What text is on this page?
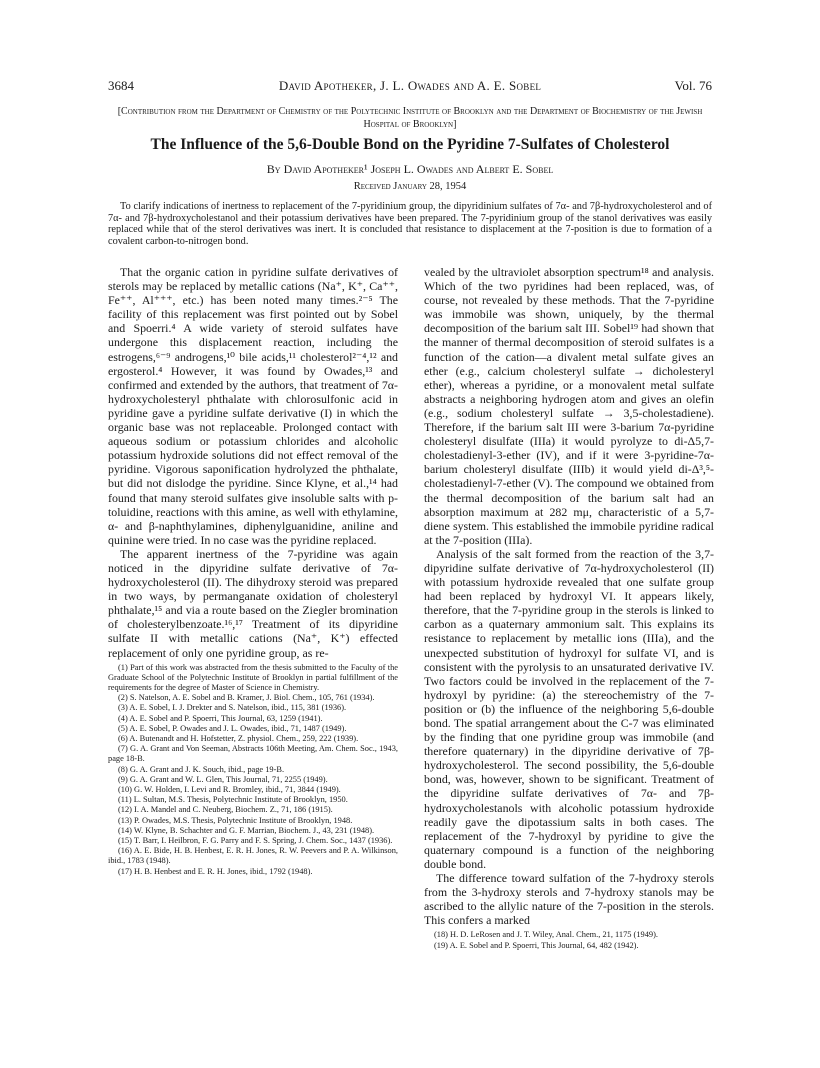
3684	David Apotheker, J. L. Owades and A. E. Sobel	Vol. 76
[Contribution from the Department of Chemistry of the Polytechnic Institute of Brooklyn and the Department of Biochemistry of the Jewish Hospital of Brooklyn]
The Influence of the 5,6-Double Bond on the Pyridine 7-Sulfates of Cholesterol
By David Apotheker¹ Joseph L. Owades and Albert E. Sobel
Received January 28, 1954

To clarify indications of inertness to replacement of the 7-pyridinium group, the dipyridinium sulfates of 7α- and 7β-hydroxycholesterol and of 7α- and 7β-hydroxycholestanol and their potassium derivatives have been prepared. The 7-pyridinium group of the stanol derivatives was easily replaced while that of the sterol derivatives was inert. It is concluded that resistance to displacement at the 7-position is due to formation of a covalent carbon-to-nitrogen bond.

That the organic cation in pyridine sulfate derivatives of sterols may be replaced by metallic cations (Na⁺, K⁺, Ca⁺⁺, Fe⁺⁺, Al⁺⁺⁺, etc.) has been noted many times.²⁻⁵ The facility of this replacement was first pointed out by Sobel and Spoerri.⁴ A wide variety of steroid sulfates have undergone this displacement reaction, including the estrogens,⁶⁻⁹ androgens,¹⁰ bile acids,¹¹ cholesterol²⁻⁴,¹² and ergosterol.⁴ However, it was found by Owades,¹³ and confirmed and extended by the authors, that treatment of 7α-hydroxycholesteryl phthalate with chlorosulfonic acid in pyridine gave a pyridine sulfate derivative (I) in which the organic base was not replaceable. Prolonged contact with aqueous sodium or potassium chlorides and alcoholic potassium hydroxide solutions did not effect removal of the pyridine. Vigorous saponification hydrolyzed the phthalate, but did not dislodge the pyridine. Since Klyne, et al.,¹⁴ had found that many steroid sulfates give insoluble salts with p-toluidine, reactions with this amine, as well with ethylamine, α- and β-naphthylamines, diphenylguanidine, aniline and quinine were tried. In no case was the pyridine replaced.

The apparent inertness of the 7-pyridine was again noticed in the dipyridine sulfate derivative of 7α-hydroxycholesterol (II). The dihydroxy steroid was prepared in two ways, by permanganate oxidation of cholesteryl phthalate,¹⁵ and via a route based on the Ziegler bromination of cholesterylbenzoate.¹⁶,¹⁷ Treatment of its dipyridine sulfate II with metallic cations (Na⁺, K⁺) effected replacement of only one pyridine group, as re-

(1) Part of this work was abstracted from the thesis submitted to the Faculty of the Graduate School of the Polytechnic Institute of Brooklyn in partial fulfillment of the requirements for the degree of Master of Science in Chemistry.

(2) S. Natelson, A. E. Sobel and B. Kramer, J. Biol. Chem., 105, 761 (1934).

(3) A. E. Sobel, I. J. Drekter and S. Natelson, ibid., 115, 381 (1936).

(4) A. E. Sobel and P. Spoerri, This Journal, 63, 1259 (1941).

(5) A. E. Sobel, P. Owades and J. L. Owades, ibid., 71, 1487 (1949).

(6) A. Butenandt and H. Hofstetter, Z. physiol. Chem., 259, 222 (1939).

(7) G. A. Grant and Von Seeman, Abstracts 106th Meeting, Am. Chem. Soc., 1943, page 18-B.

(8) G. A. Grant and J. K. Souch, ibid., page 19-B.

(9) G. A. Grant and W. L. Glen, This Journal, 71, 2255 (1949).

(10) G. W. Holden, I. Levi and R. Bromley, ibid., 71, 3844 (1949).

(11) L. Sultan, M.S. Thesis, Polytechnic Institute of Brooklyn, 1950.

(12) I. A. Mandel and C. Neuberg, Biochem. Z., 71, 186 (1915).

(13) P. Owades, M.S. Thesis, Polytechnic Institute of Brooklyn, 1948.

(14) W. Klyne, B. Schachter and G. F. Marrian, Biochem. J., 43, 231 (1948).

(15) T. Barr, I. Heilbron, F. G. Parry and F. S. Spring, J. Chem. Soc., 1437 (1936).

(16) A. E. Bide, H. B. Henbest, E. R. H. Jones, R. W. Peevers and P. A. Wilkinson, ibid., 1783 (1948).

(17) H. B. Henbest and E. R. H. Jones, ibid., 1792 (1948).

vealed by the ultraviolet absorption spectrum¹⁸ and analysis. Which of the two pyridines had been replaced, was, of course, not revealed by these methods. That the 7-pyridine was immobile was shown, uniquely, by the thermal decomposition of the barium salt III. Sobel¹⁹ had shown that the manner of thermal decomposition of steroid sulfates is a function of the cation—a divalent metal sulfate gives an ether (e.g., calcium cholesteryl sulfate → dicholesteryl ether), whereas a pyridine, or a monovalent metal sulfate abstracts a neighboring hydrogen atom and gives an olefin (e.g., sodium cholesteryl sulfate → 3,5-cholestadiene). Therefore, if the barium salt III were 3-barium 7α-pyridine cholesteryl disulfate (IIIa) it would pyrolyze to di-Δ5,7-cholestadienyl-3-ether (IV), and if it were 3-pyridine-7α-barium cholesteryl disulfate (IIIb) it would yield di-Δ³,⁵-cholestadienyl-7-ether (V). The compound we obtained from the thermal decomposition of the barium salt had an absorption maximum at 282 mμ, characteristic of a 5,7-diene system. This established the immobile pyridine radical at the 7-position (IIIa).

Analysis of the salt formed from the reaction of the 3,7-dipyridine sulfate derivative of 7α-hydroxycholesterol (II) with potassium hydroxide revealed that one sulfate group had been replaced by hydroxyl VI. It appears likely, therefore, that the 7-pyridine group in the sterols is linked to carbon as a quaternary ammonium salt. This explains its resistance to replacement by metallic ions (IIIa), and the unexpected substitution of hydroxyl for sulfate VI, and is consistent with the pyrolysis to an unsaturated derivative IV. Two factors could be involved in the replacement of the 7-hydroxyl by pyridine: (a) the stereochemistry of the 7-position or (b) the influence of the neighboring 5,6-double bond. The spatial arrangement about the C-7 was eliminated by the finding that one pyridine group was immobile (and therefore quaternary) in the dipyridine derivative of 7β-hydroxycholesterol. The second possibility, the 5,6-double bond, was, however, shown to be significant. Treatment of the dipyridine sulfate derivatives of 7α- and 7β-hydroxycholestanols with alcoholic potassium hydroxide readily gave the dipotassium salts in both cases. The replacement of the 7-hydroxyl by pyridine to give the quaternary compound is a function of the neighboring double bond.

The difference toward sulfation of the 7-hydroxy sterols from the 3-hydroxy sterols and 7-hydroxy stanols may be ascribed to the allylic nature of the 7-position in the sterols. This confers a marked

(18) H. D. LeRosen and J. T. Wiley, Anal. Chem., 21, 1175 (1949).

(19) A. E. Sobel and P. Spoerri, This Journal, 64, 482 (1942).
